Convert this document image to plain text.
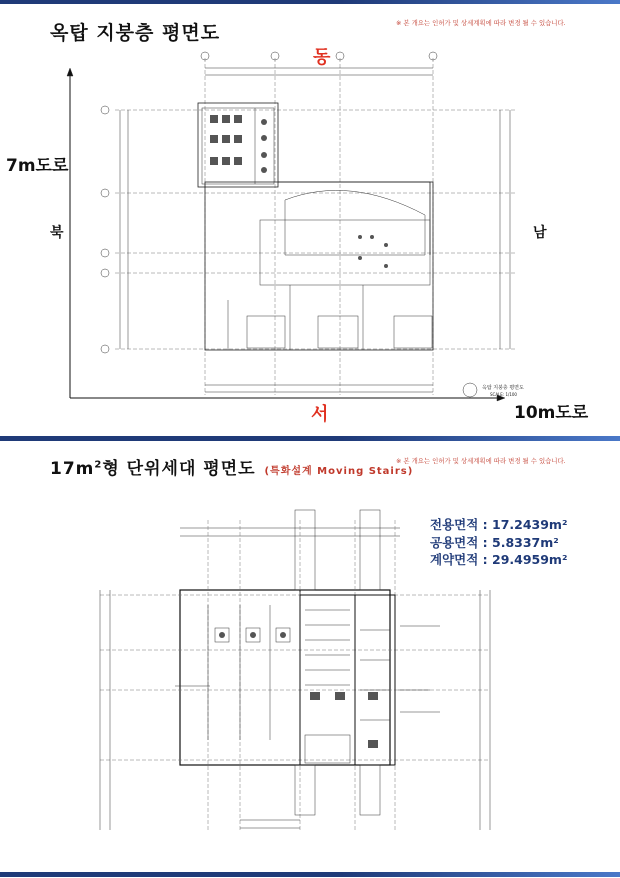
옥탑 지붕층 평면도	※ 본 개요는 인허가 및 상세계획에 따라 변경 될 수 있습니다.
동
서
북	남
7m도로
10m도로
옥탑 지붕층 평면도
SCALE: 1/100
$17m^2$형 단위세대 평면도 (특화설계 Moving Stairs)
※ 본 개요는 인허가 및 상세계획에 따라 변경 될 수 있습니다.
전용면적 : 17.2439m²
공용면적 : 5.8337m²
계약면적 : 29.4959m²
